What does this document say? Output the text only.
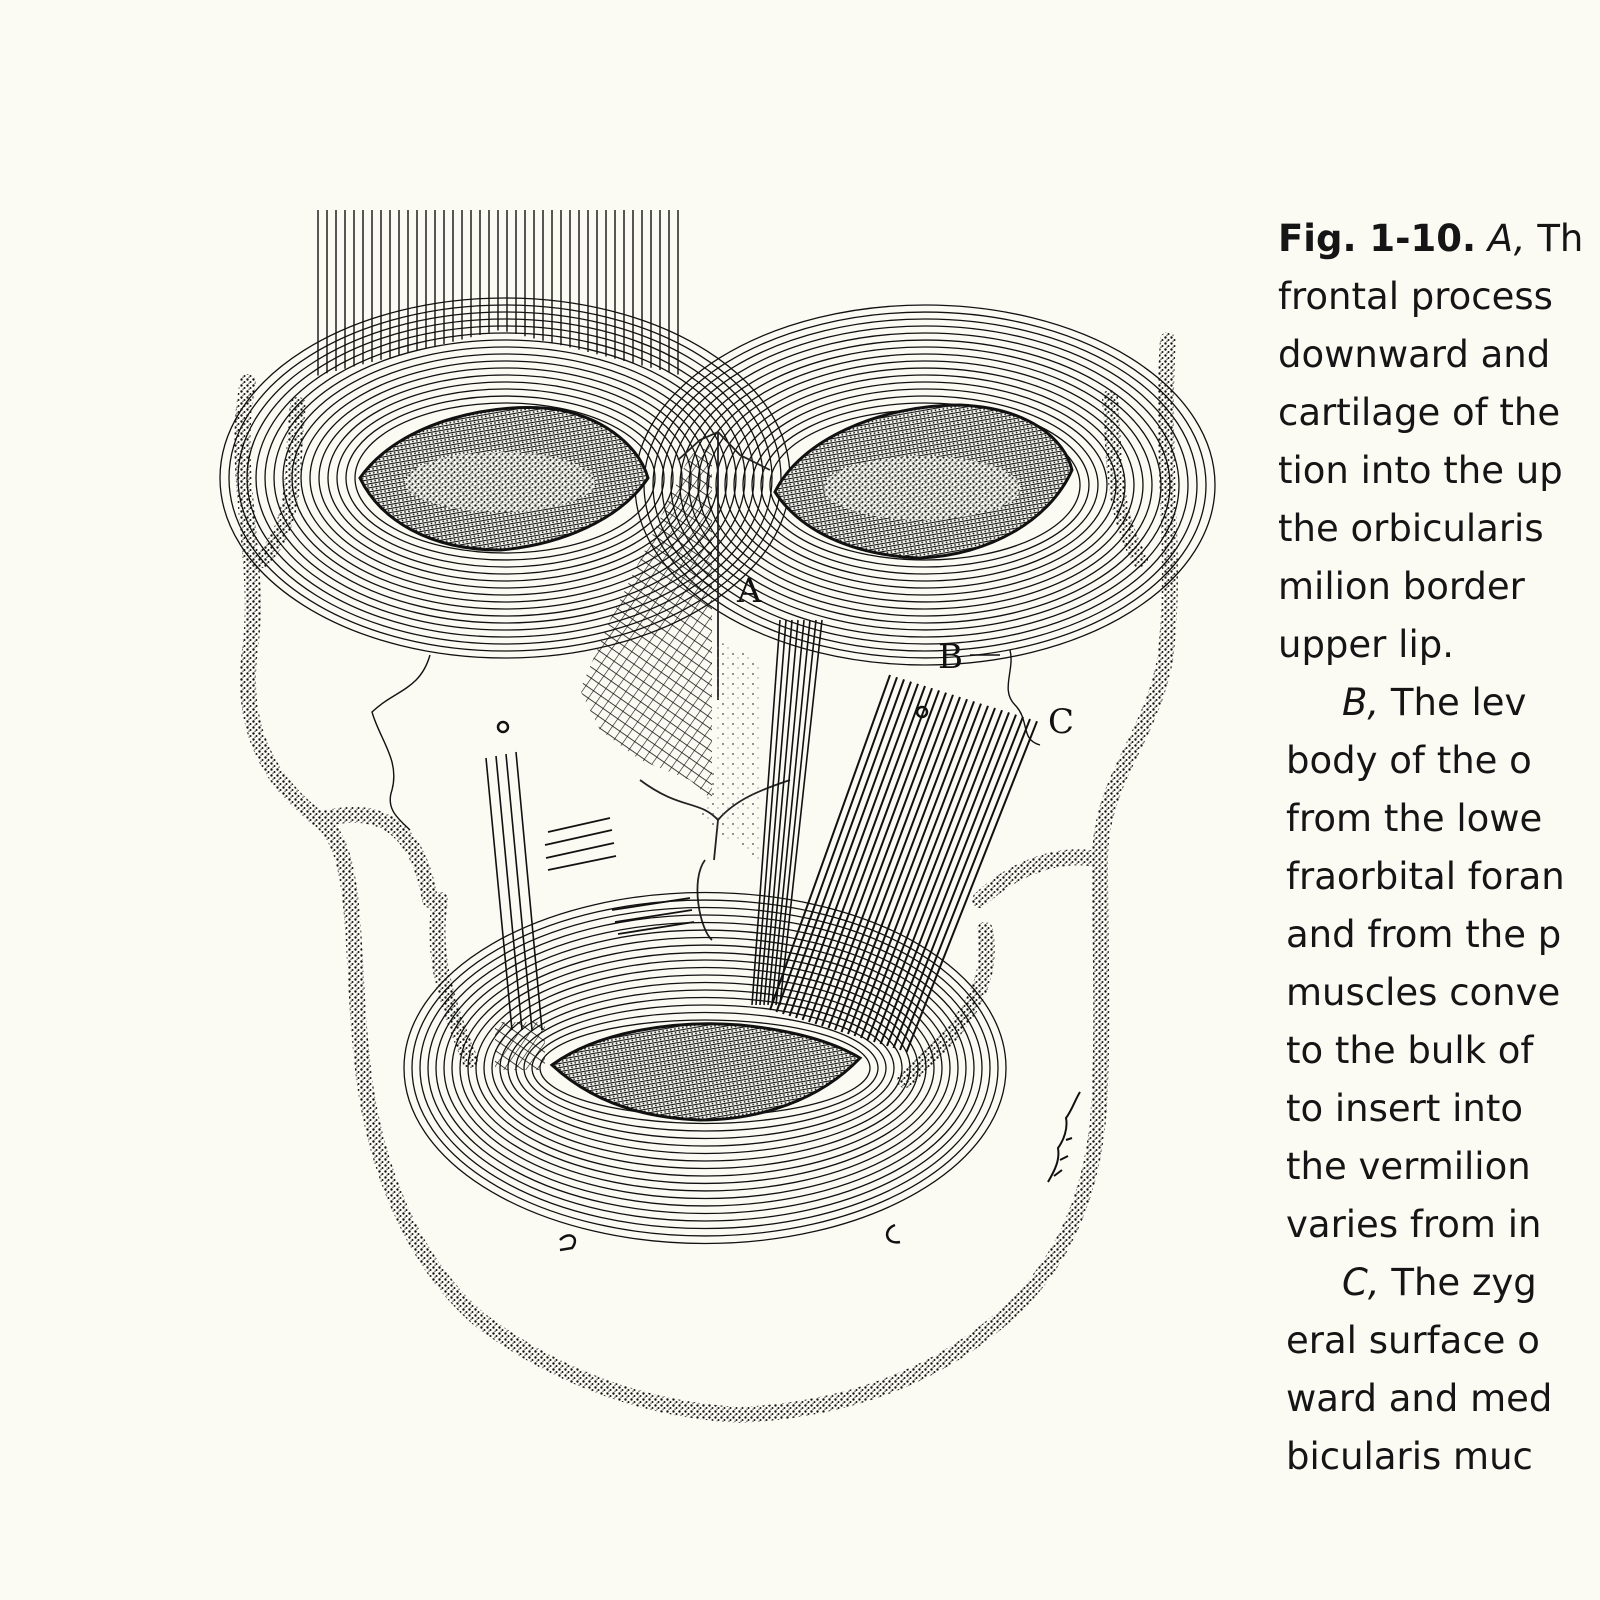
A
B
C
Fig. 1-10. A, Th
frontal process
downward and
cartilage of the
tion into the up
the orbicularis
milion border
upper lip.
B, The lev
body of the o
from the lowe
fraorbital foran
and from the p
muscles conve
to the bulk of
to insert into
the vermilion
varies from in
C, The zyg
eral surface o
ward and med
bicularis muc
